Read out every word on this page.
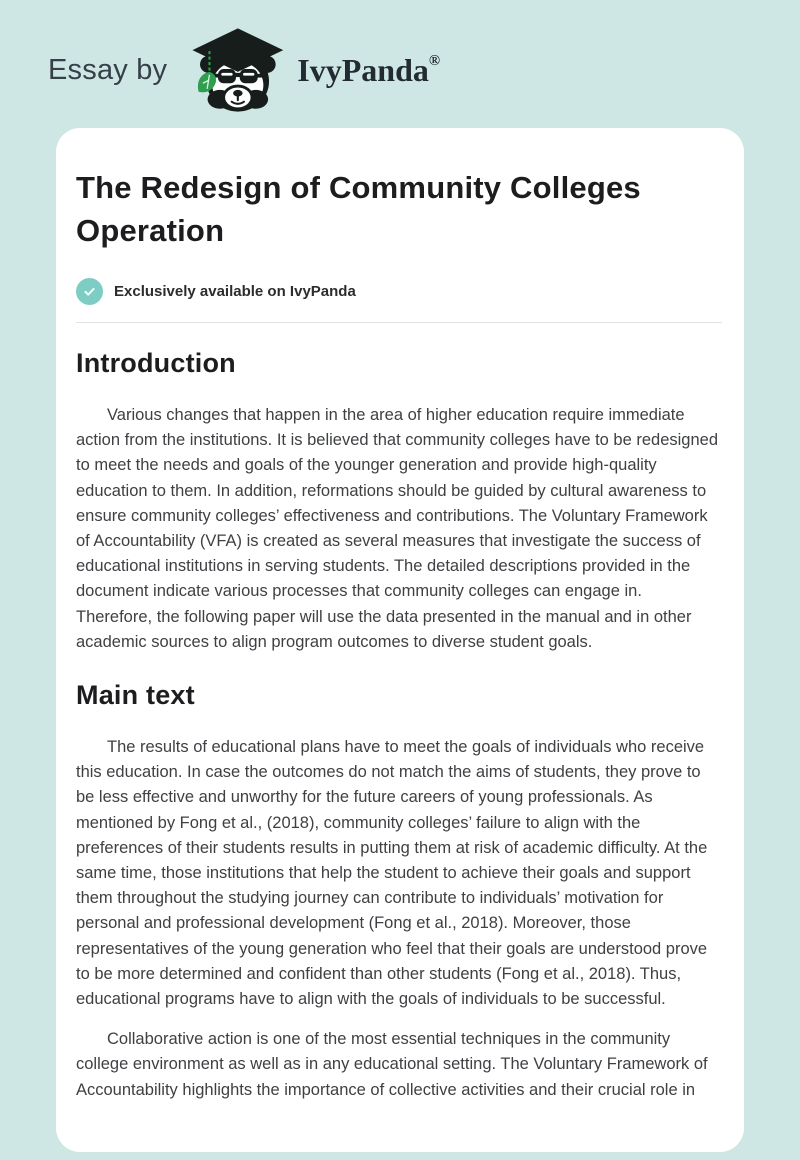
Essay by	IvyPanda®
The Redesign of Community Colleges Operation
Exclusively available on IvyPanda
Introduction

Various changes that happen in the area of higher education require immediate action from the institutions. It is believed that community colleges have to be redesigned to meet the needs and goals of the younger generation and provide high-quality education to them. In addition, reformations should be guided by cultural awareness to ensure community colleges’ effectiveness and contributions. The Voluntary Framework of Accountability (VFA) is created as several measures that investigate the success of educational institutions in serving students. The detailed descriptions provided in the document indicate various processes that community colleges can engage in. Therefore, the following paper will use the data presented in the manual and in other academic sources to align program outcomes to diverse student goals.

Main text

The results of educational plans have to meet the goals of individuals who receive this education. In case the outcomes do not match the aims of students, they prove to be less effective and unworthy for the future careers of young professionals. As mentioned by Fong et al., (2018), community colleges’ failure to align with the preferences of their students results in putting them at risk of academic difficulty. At the same time, those institutions that help the student to achieve their goals and support them throughout the studying journey can contribute to individuals’ motivation for personal and professional development (Fong et al., 2018). Moreover, those representatives of the young generation who feel that their goals are understood prove to be more determined and confident than other students (Fong et al., 2018). Thus, educational programs have to align with the goals of individuals to be successful.

Collaborative action is one of the most essential techniques in the community college environment as well as in any educational setting. The Voluntary Framework of Accountability highlights the importance of collective activities and their crucial role in
